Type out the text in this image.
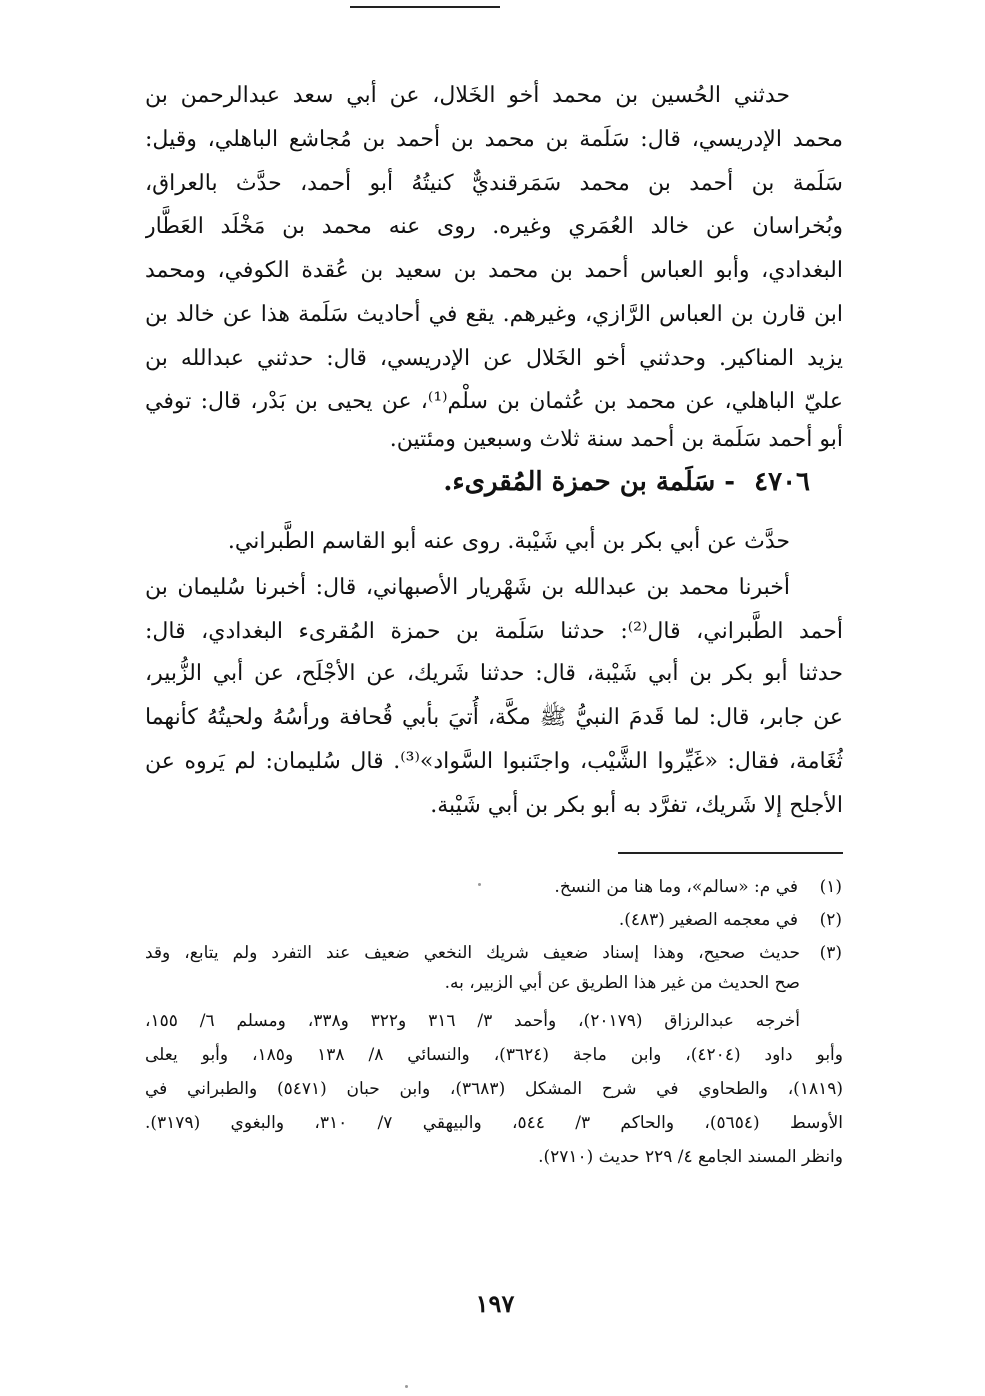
حدثني الحُسين بن محمد أخو الخَلال، عن أبي سعد عبدالرحمن بن
محمد الإدريسي، قال: سَلَمة بن محمد بن أحمد بن مُجاشع الباهلي، وقيل:
سَلَمة بن أحمد بن محمد سَمَرقنديٌّ كنيتُهُ أبو أحمد، حدَّث بالعراق،
وبُخراسان عن خالد العُمَري وغيره. روى عنه محمد بن مَخْلَد العَطَّار
البغدادي، وأبو العباس أحمد بن محمد بن سعيد بن عُقدة الكوفي، ومحمد
ابن قارن بن العباس الرَّازي، وغيرهم. يقع في أحاديث سَلَمة هذا عن خالد بن
يزيد المناكير. وحدثني أخو الخَلال عن الإدريسي، قال: حدثني عبدالله بن
عليّ الباهلي، عن محمد بن عُثمان بن سلْم⁽¹⁾، عن يحيى بن بَدْر، قال: توفي
أبو أحمد سَلَمة بن أحمد سنة ثلاث وسبعين ومئتين.
٤٧٠٦ - سَلَمة بن حمزة المُقرىء.
حدَّث عن أبي بكر بن أبي شَيْبة. روى عنه أبو القاسم الطَّبراني.
أخبرنا محمد بن عبدالله بن شَهْريار الأصبهاني، قال: أخبرنا سُليمان بن
أحمد الطَّبراني، قال⁽²⁾: حدثنا سَلَمة بن حمزة المُقرىء البغدادي، قال:
حدثنا أبو بكر بن أبي شَيْبة، قال: حدثنا شَريك، عن الأجْلَح، عن أبي الزُّبير،
عن جابر، قال: لما قَدمَ النبيُّ ﷺ مكَّة، أُتيَ بأبي قُحافة ورأسُهُ ولحيتُهُ كأنهما
ثُغَامة، فقال: «غَيِّروا الشَّيْب، واجتَنبوا السَّواد»⁽³⁾. قال سُليمان: لم يَروه عن
الأجلح إلا شَريك، تفرَّد به أبو بكر بن أبي شَيْبة.
(١)في م: «سالم»، وما هنا من النسخ.
(٢)في معجمه الصغير (٤٨٣).
(٣)
حديث صحيح، وهذا إسناد ضعيف شريك النخعي ضعيف عند التفرد ولم يتابع، وقد
صح الحديث من غير هذا الطريق عن أبي الزبير، به.
أخرجه عبدالرزاق (٢٠١٧٩)، وأحمد ٣/ ٣١٦ و٣٢٢ و٣٣٨، ومسلم ٦/ ١٥٥،
وأبو داود (٤٢٠٤)، وابن ماجة (٣٦٢٤)، والنسائي ٨/ ١٣٨ و١٨٥، وأبو يعلى
(١٨١٩)، والطحاوي في شرح المشكل (٣٦٨٣)، وابن حبان (٥٤٧١) والطبراني في
الأوسط (٥٦٥٤)، والحاكم ٣/ ٥٤٤، والبيهقي ٧/ ٣١٠، والبغوي (٣١٧٩).
وانظر المسند الجامع ٤/ ٢٢٩ حديث (٢٧١٠).
١٩٧
